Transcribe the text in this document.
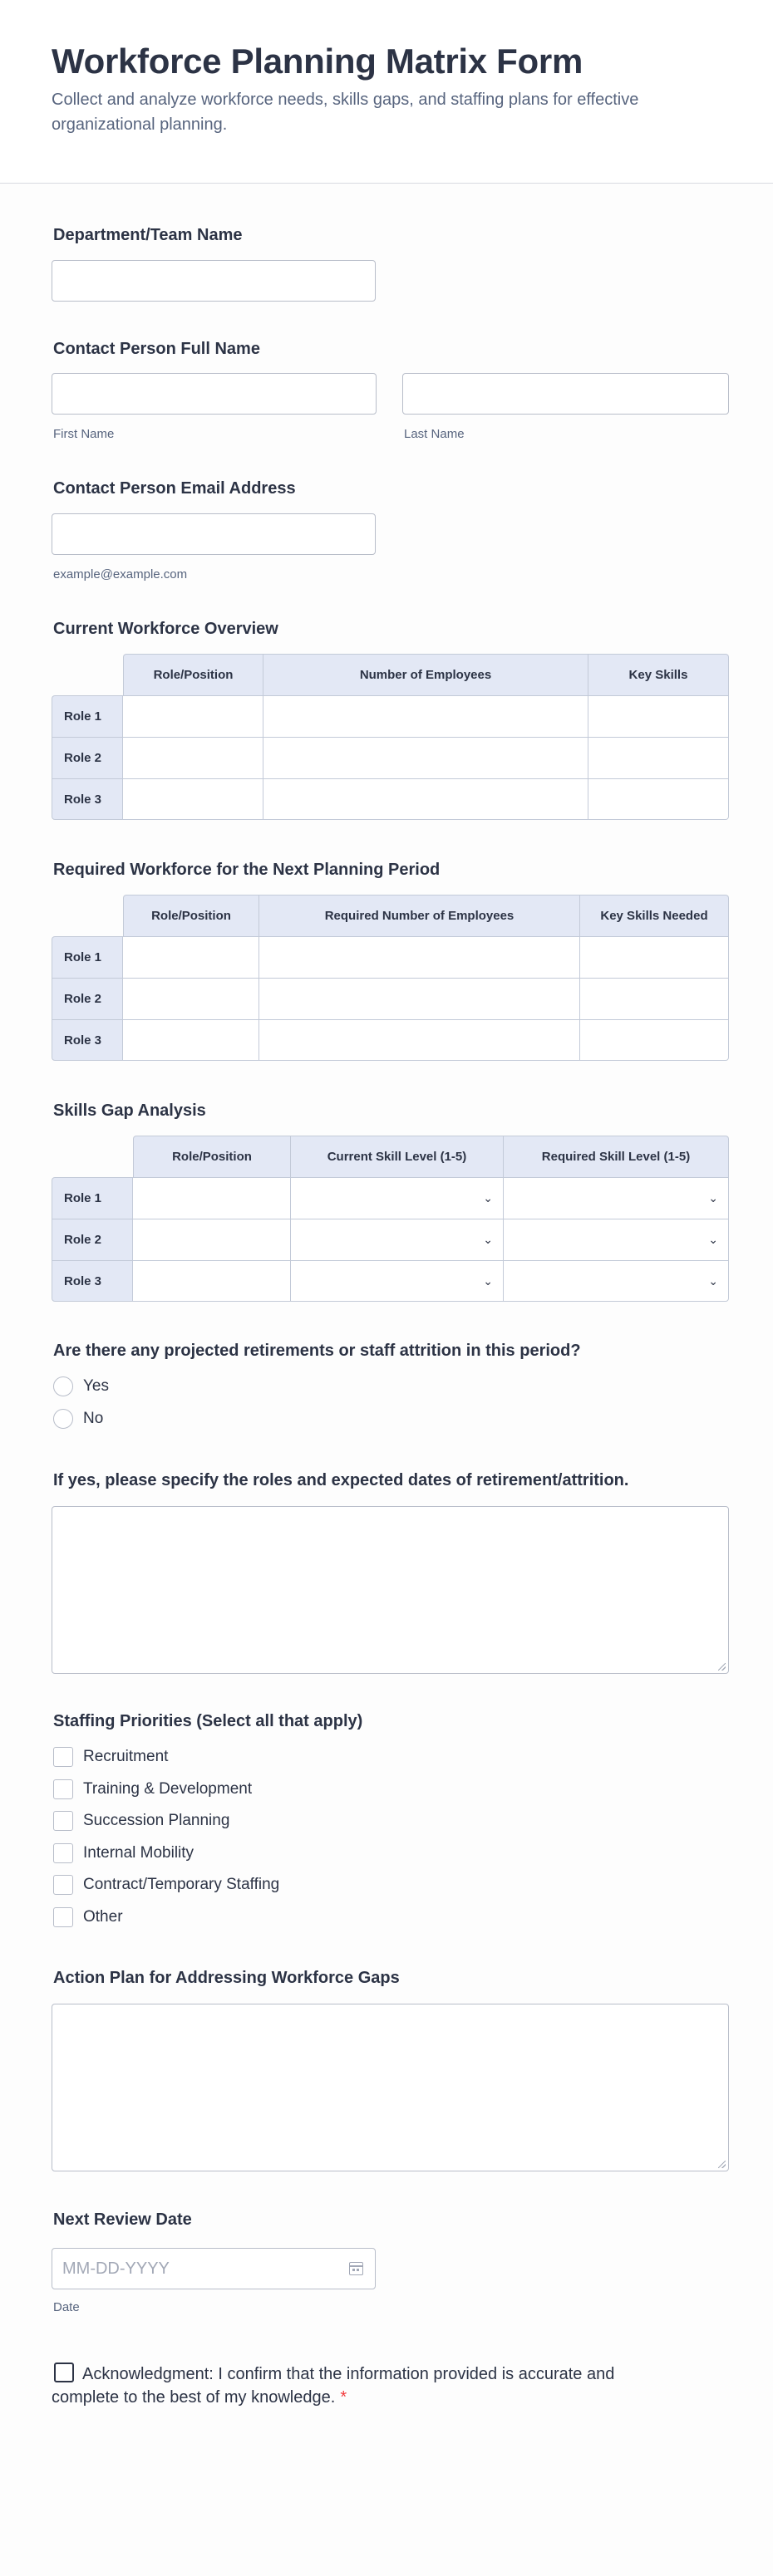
Workforce Planning Matrix Form
Collect and analyze workforce needs, skills gaps, and staffing plans for effective organizational planning.
Department/Team Name
Contact Person Full Name
First Name	Last Name
Contact Person Email Address
example@example.com
Current Workforce Overview
	Role/Position	Number of Employees	Key Skills
Role 1			
Role 2			
Role 3			
Required Workforce for the Next Planning Period
	Role/Position	Required Number of Employees	Key Skills Needed
Role 1			
Role 2			
Role 3			
Skills Gap Analysis
	Role/Position	Current Skill Level (1-5)	Required Skill Level (1-5)
Role 1		⌄	⌄

Role 2		⌄	⌄

Role 3		⌄	⌄
Are there any projected retirements or staff attrition in this period?
Yes
No
If yes, please specify the roles and expected dates of retirement/attrition.
Staffing Priorities (Select all that apply)
Recruitment
Training & Development
Succession Planning
Internal Mobility
Contract/Temporary Staffing
Other
Action Plan for Addressing Workforce Gaps
Next Review Date
MM-DD-YYYY
Date
Acknowledgment: I confirm that the information provided is accurate and complete to the best of my knowledge. *
